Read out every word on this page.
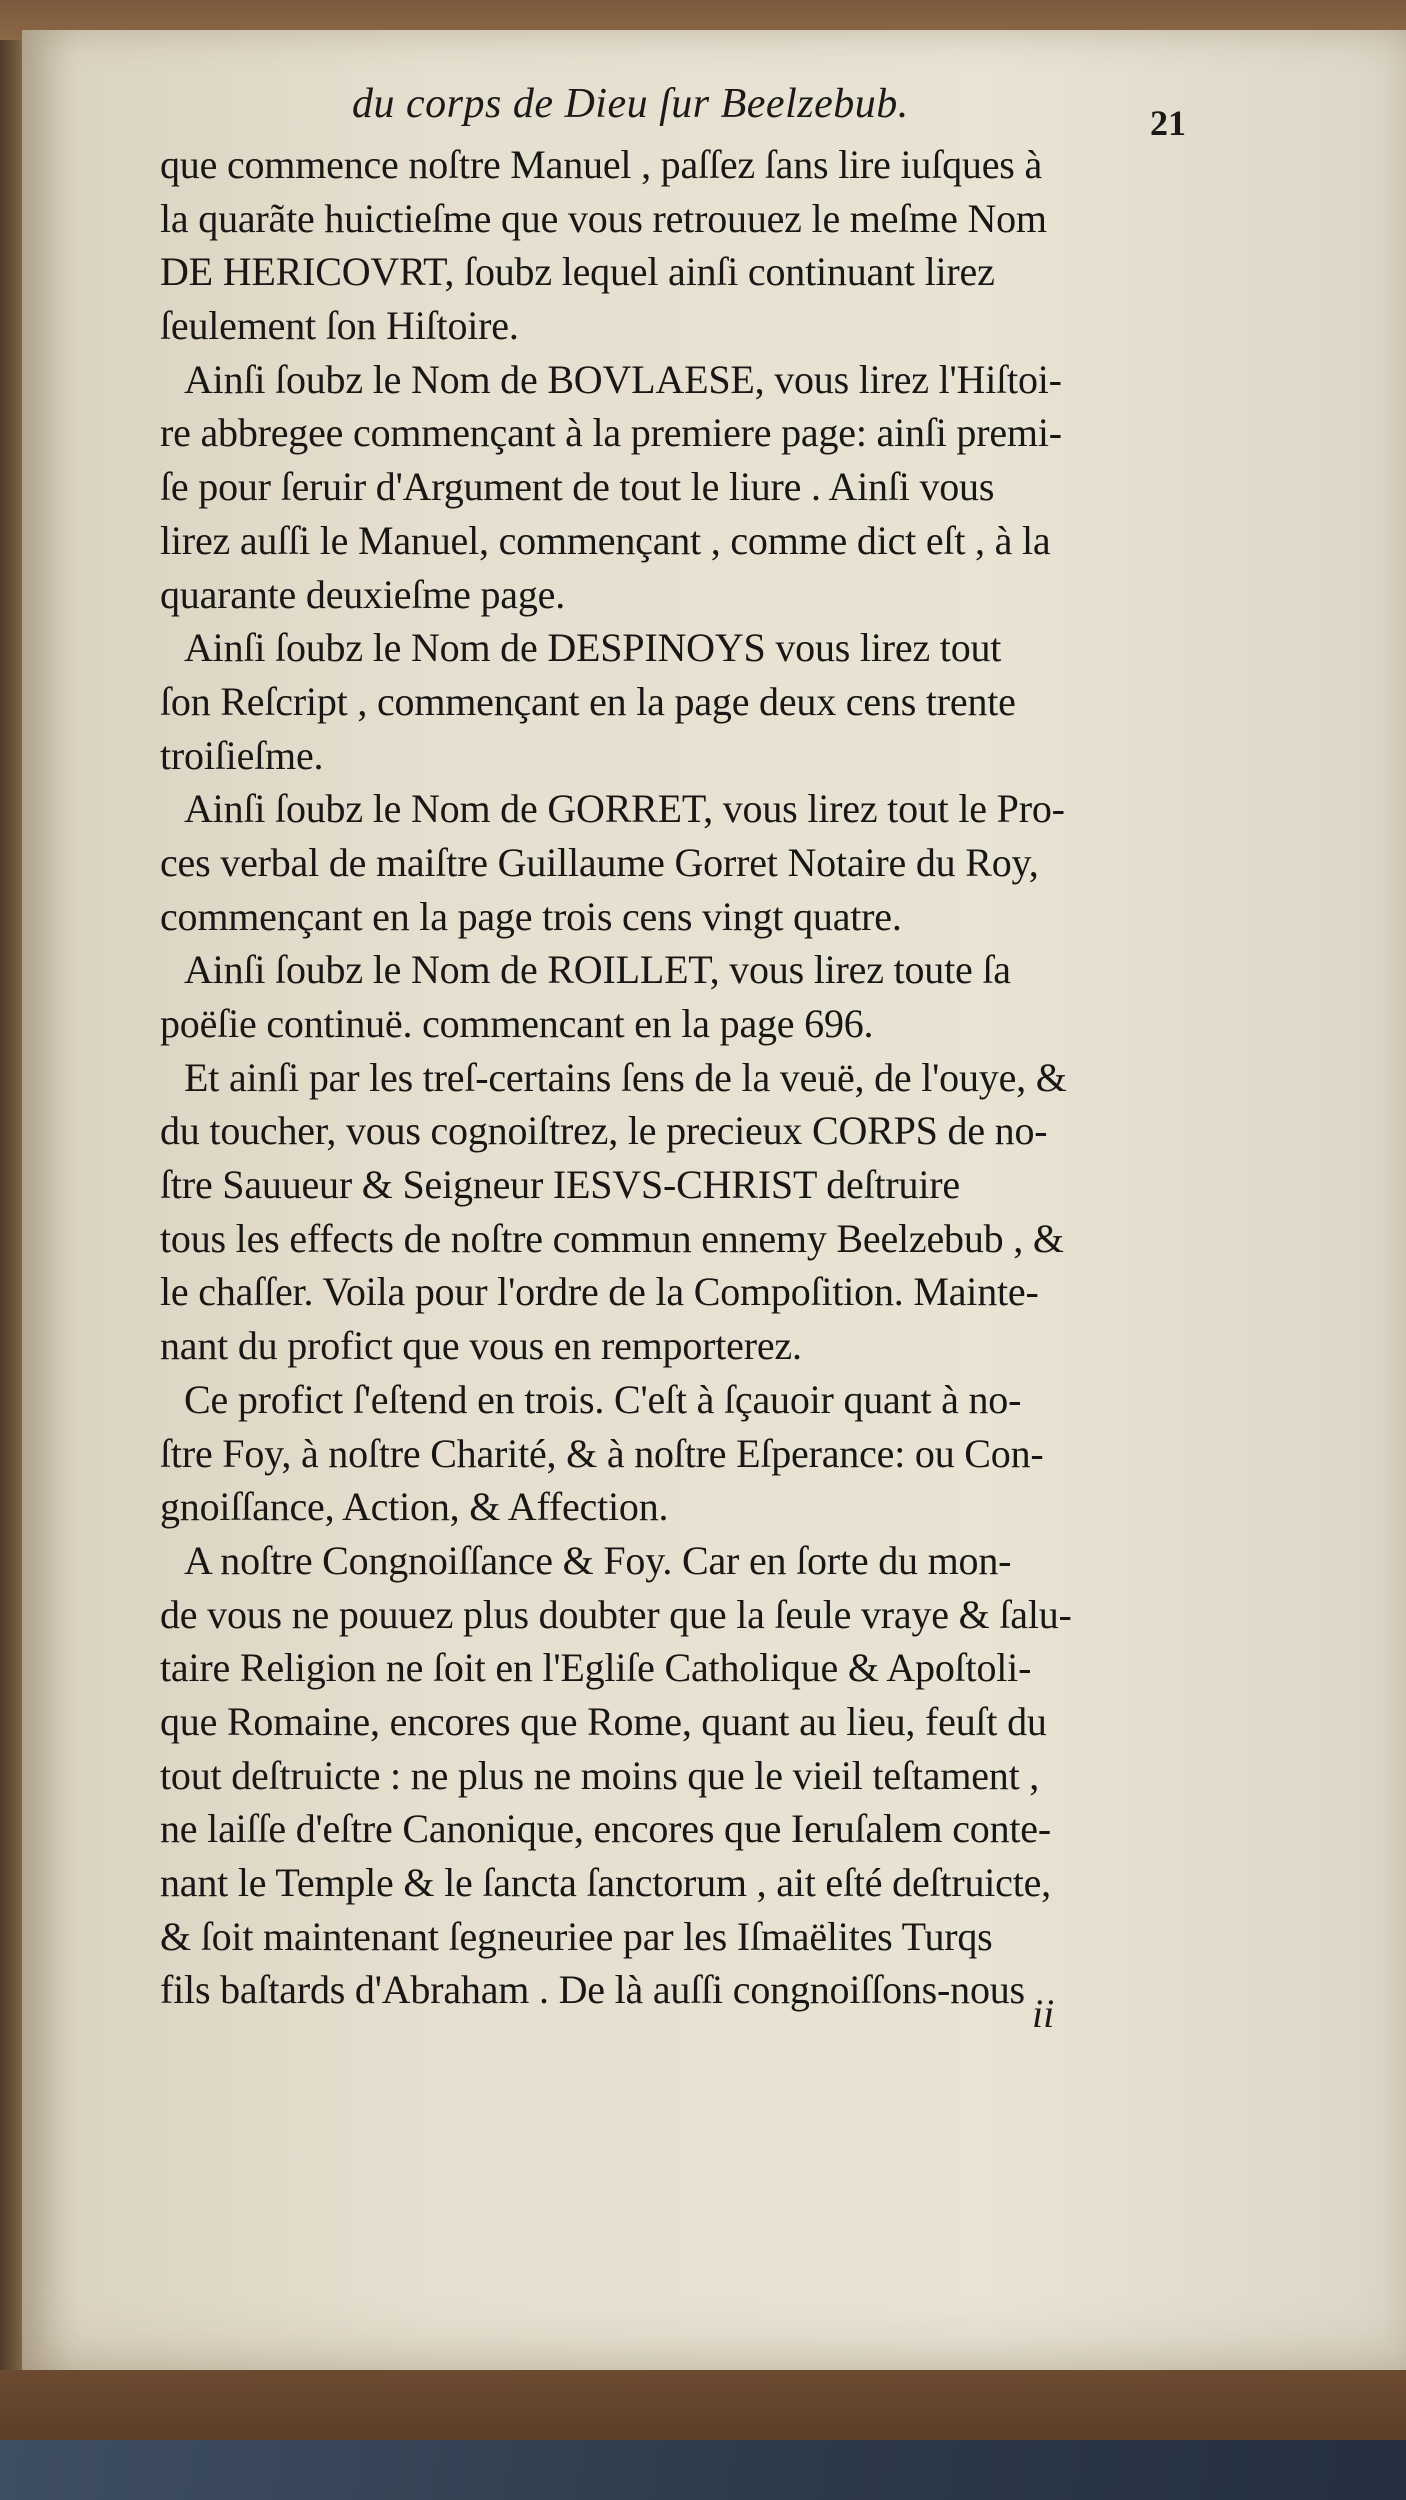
du corps de Dieu ſur Beelzebub.	21
que commence noſtre Manuel , paſſez ſans lire iuſques à
la quarãte huictieſme que vous retrouuez le meſme Nom
DE HERICOVRT, ſoubz lequel ainſi continuant lirez
ſeulement ſon Hiſtoire.
Ainſi ſoubz le Nom de BOVLAESE, vous lirez l'Hiſtoi-
re abbregee commençant à la premiere page: ainſi premi-
ſe pour ſeruir d'Argument de tout le liure . Ainſi vous
lirez auſſi le Manuel, commençant , comme dict eſt , à la
quarante deuxieſme page.
Ainſi ſoubz le Nom de DESPINOYS vous lirez tout
ſon Reſcript , commençant en la page deux cens trente
troiſieſme.
Ainſi ſoubz le Nom de GORRET, vous lirez tout le Pro-
ces verbal de maiſtre Guillaume Gorret Notaire du Roy,
commençant en la page trois cens vingt quatre.
Ainſi ſoubz le Nom de ROILLET, vous lirez toute ſa
poëſie continuë. commencant en la page 696.
Et ainſi par les treſ-certains ſens de la veuë, de l'ouye, &
du toucher, vous cognoiſtrez, le precieux CORPS de no-
ſtre Sauueur & Seigneur IESVS-CHRIST deſtruire
tous les effects de noſtre commun ennemy Beelzebub , &
le chaſſer. Voila pour l'ordre de la Compoſition. Mainte-
nant du profict que vous en remporterez.
Ce profict ſ'eſtend en trois. C'eſt à ſçauoir quant à no-
ſtre Foy, à noſtre Charité, & à noſtre Eſperance: ou Con-
gnoiſſance, Action, & Affection.
A noſtre Congnoiſſance & Foy. Car en ſorte du mon-
de vous ne pouuez plus doubter que la ſeule vraye & ſalu-
taire Religion ne ſoit en l'Egliſe Catholique & Apoſtoli-
que Romaine, encores que Rome, quant au lieu, feuſt du
tout deſtruicte : ne plus ne moins que le vieil teſtament ,
ne laiſſe d'eſtre Canonique, encores que Ieruſalem conte-
nant le Temple & le ſancta ſanctorum , ait eſté deſtruicte,
& ſoit maintenant ſegneuriee par les Iſmaëlites Turqs
fils baſtards d'Abraham . De là auſſi congnoiſſons-nous
ii
